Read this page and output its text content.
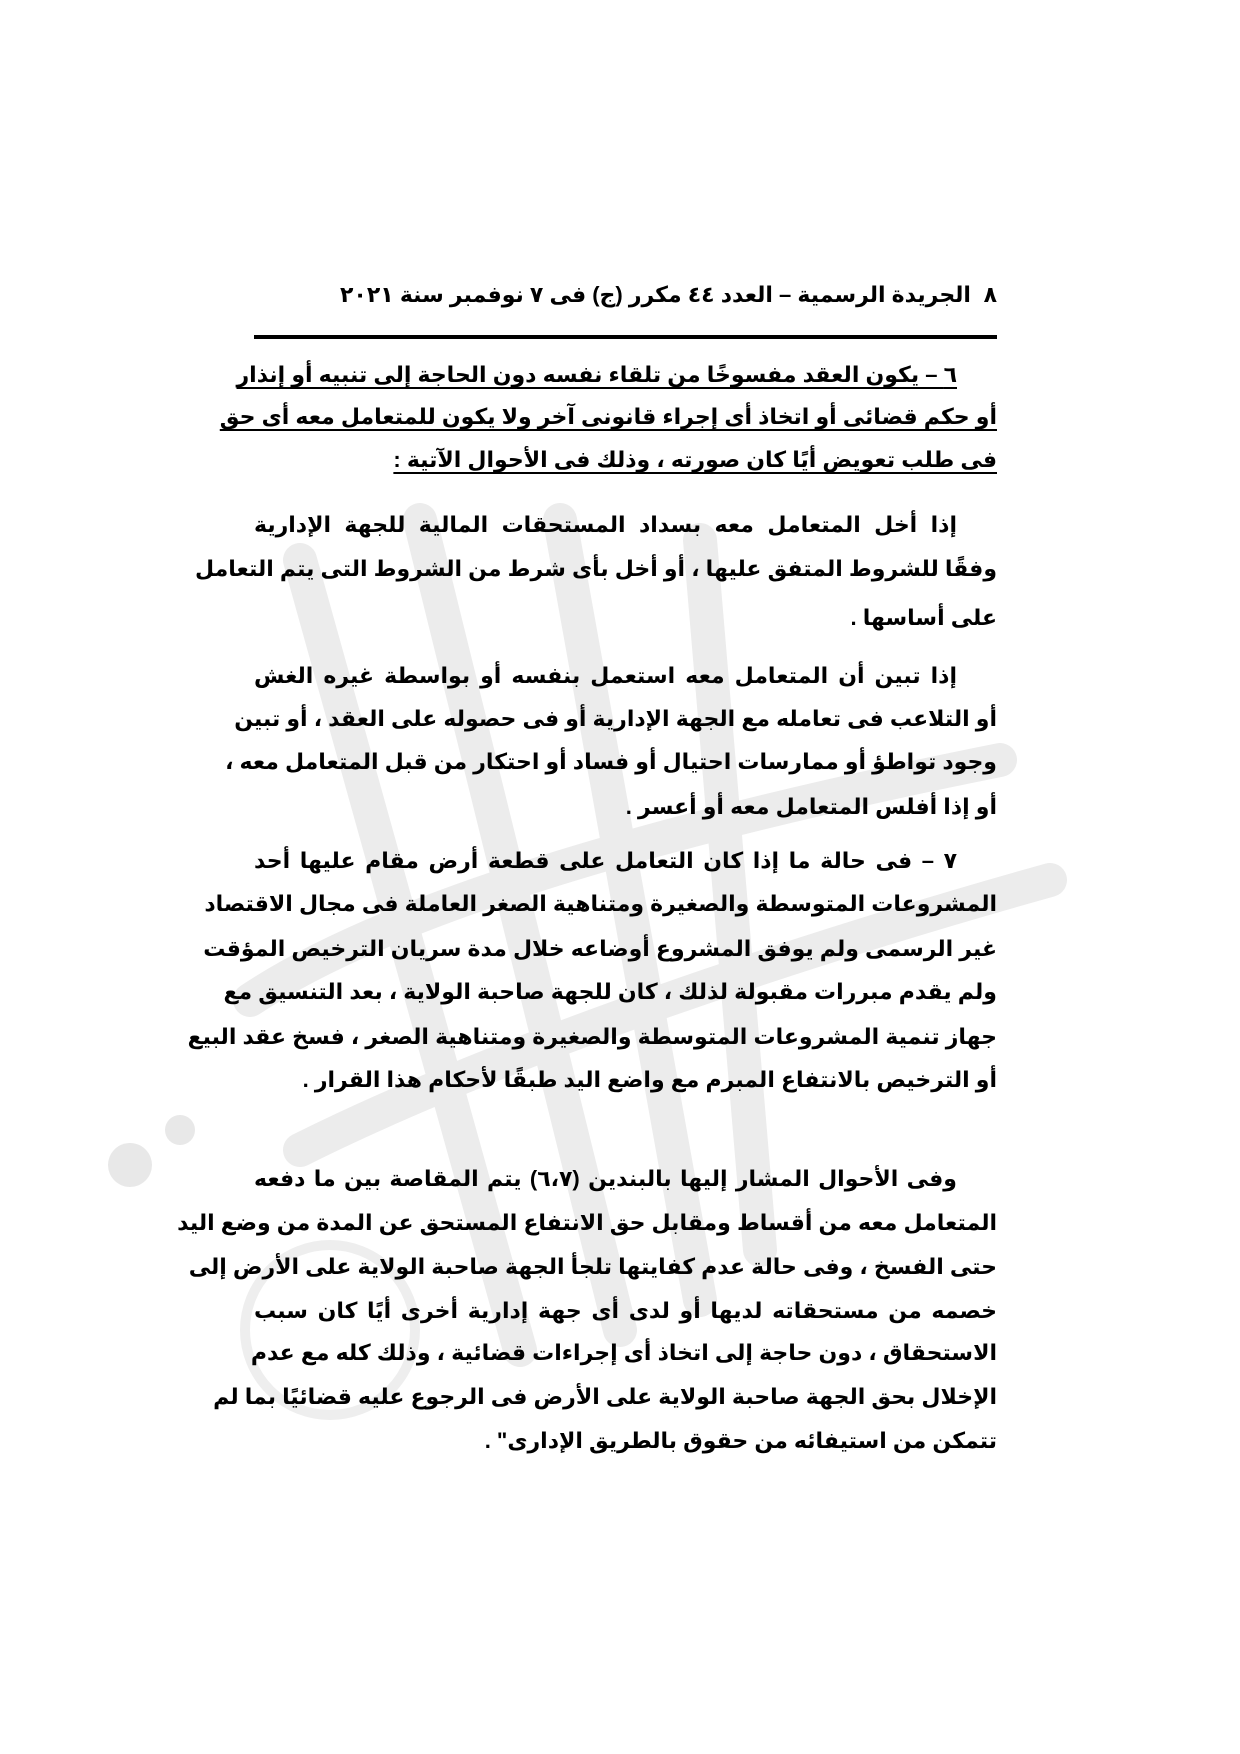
٨
الجريدة الرسمية – العدد ٤٤ مكرر (ج) فى ٧ نوفمبر سنة ٢٠٢١
٦ – يكون العقد مفسوخًا من تلقاء نفسه دون الحاجة إلى تنبيه أو إنذار
أو حكم قضائى أو اتخاذ أى إجراء قانونى آخر ولا يكون للمتعامل معه أى حق
فى طلب تعويض أيًا كان صورته ، وذلك فى الأحوال الآتية :
إذا أخل المتعامل معه بسداد المستحقات المالية للجهة الإدارية
وفقًا للشروط المتفق عليها ، أو أخل بأى شرط من الشروط التى يتم التعامل
على أساسها .
إذا تبين أن المتعامل معه استعمل بنفسه أو بواسطة غيره الغش
أو التلاعب فى تعامله مع الجهة الإدارية أو فى حصوله على العقد ، أو تبين
وجود تواطؤ أو ممارسات احتيال أو فساد أو احتكار من قبل المتعامل معه ،
أو إذا أفلس المتعامل معه أو أعسر .
٧ – فى حالة ما إذا كان التعامل على قطعة أرض مقام عليها أحد
المشروعات المتوسطة والصغيرة ومتناهية الصغر العاملة فى مجال الاقتصاد
غير الرسمى ولم يوفق المشروع أوضاعه خلال مدة سريان الترخيص المؤقت
ولم يقدم مبررات مقبولة لذلك ، كان للجهة صاحبة الولاية ، بعد التنسيق مع
جهاز تنمية المشروعات المتوسطة والصغيرة ومتناهية الصغر ، فسخ عقد البيع
أو الترخيص بالانتفاع المبرم مع واضع اليد طبقًا لأحكام هذا القرار .
وفى الأحوال المشار إليها بالبندين (٦،٧) يتم المقاصة بين ما دفعه
المتعامل معه من أقساط ومقابل حق الانتفاع المستحق عن المدة من وضع اليد
حتى الفسخ ، وفى حالة عدم كفايتها تلجأ الجهة صاحبة الولاية على الأرض إلى
خصمه من مستحقاته لديها أو لدى أى جهة إدارية أخرى أيًا كان سبب
الاستحقاق ، دون حاجة إلى اتخاذ أى إجراءات قضائية ، وذلك كله مع عدم
الإخلال بحق الجهة صاحبة الولاية على الأرض فى الرجوع عليه قضائيًا بما لم
تتمكن من استيفائه من حقوق بالطريق الإدارى" .
